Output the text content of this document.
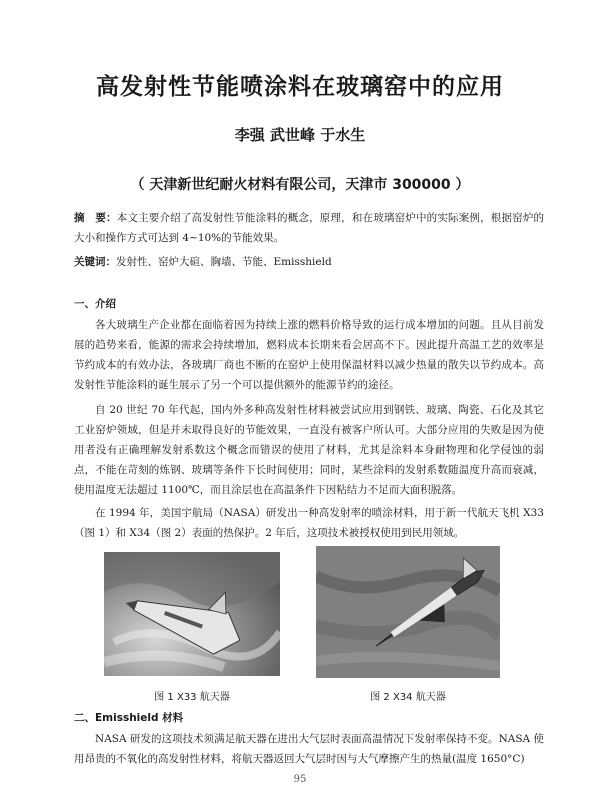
高发射性节能喷涂料在玻璃窑中的应用
李强 武世峰 于水生
（ 天津新世纪耐火材料有限公司，天津市 300000 ）
摘　要：本文主要介绍了高发射性节能涂料的概念，原理，和在玻璃窑炉中的实际案例，根据窑炉的大小和操作方式可达到 4~10%的节能效果。
关键词：发射性、窑炉大碹、胸墙、节能、Emisshield
一、介绍
各大玻璃生产企业都在面临着因为持续上涨的燃料价格导致的运行成本增加的问题。且从目前发展的趋势来看，能源的需求会持续增加，燃料成本长期来看会居高不下。因此提升高温工艺的效率是节约成本的有效办法，各玻璃厂商也不断的在窑炉上使用保温材料以减少热量的散失以节约成本。高发射性节能涂料的诞生展示了另一个可以提供额外的能源节约的途径。
自 20 世纪 70 年代起，国内外多种高发射性材料被尝试应用到钢铁、玻璃、陶瓷、石化及其它工业窑炉领域，但是并未取得良好的节能效果，一直没有被客户所认可。大部分应用的失败是因为使用者没有正确理解发射系数这个概念而错误的使用了材料，尤其是涂料本身耐物理和化学侵蚀的弱点，不能在苛刻的炼钢、玻璃等条件下长时间使用；同时，某些涂料的发射系数随温度升高而衰减，使用温度无法超过 1100℃，而且涂层也在高温条件下因粘结力不足而大面积脱落。
在 1994 年，美国宇航局（NASA）研发出一种高发射率的喷涂材料，用于新一代航天飞机 X33（图 1）和 X34（图 2）表面的热保护。2 年后，这项技术被授权使用到民用领域。
图 1 X33 航天器	图 2 X34 航天器
二、Emisshield 材料
NASA 研发的这项技术须满足航天器在进出大气层时表面高温情况下发射率保持不变。NASA 使用昂贵的不氧化的高发射性材料，将航天器返回大气层时因与大气摩擦产生的热量(温度 1650°C)
95
